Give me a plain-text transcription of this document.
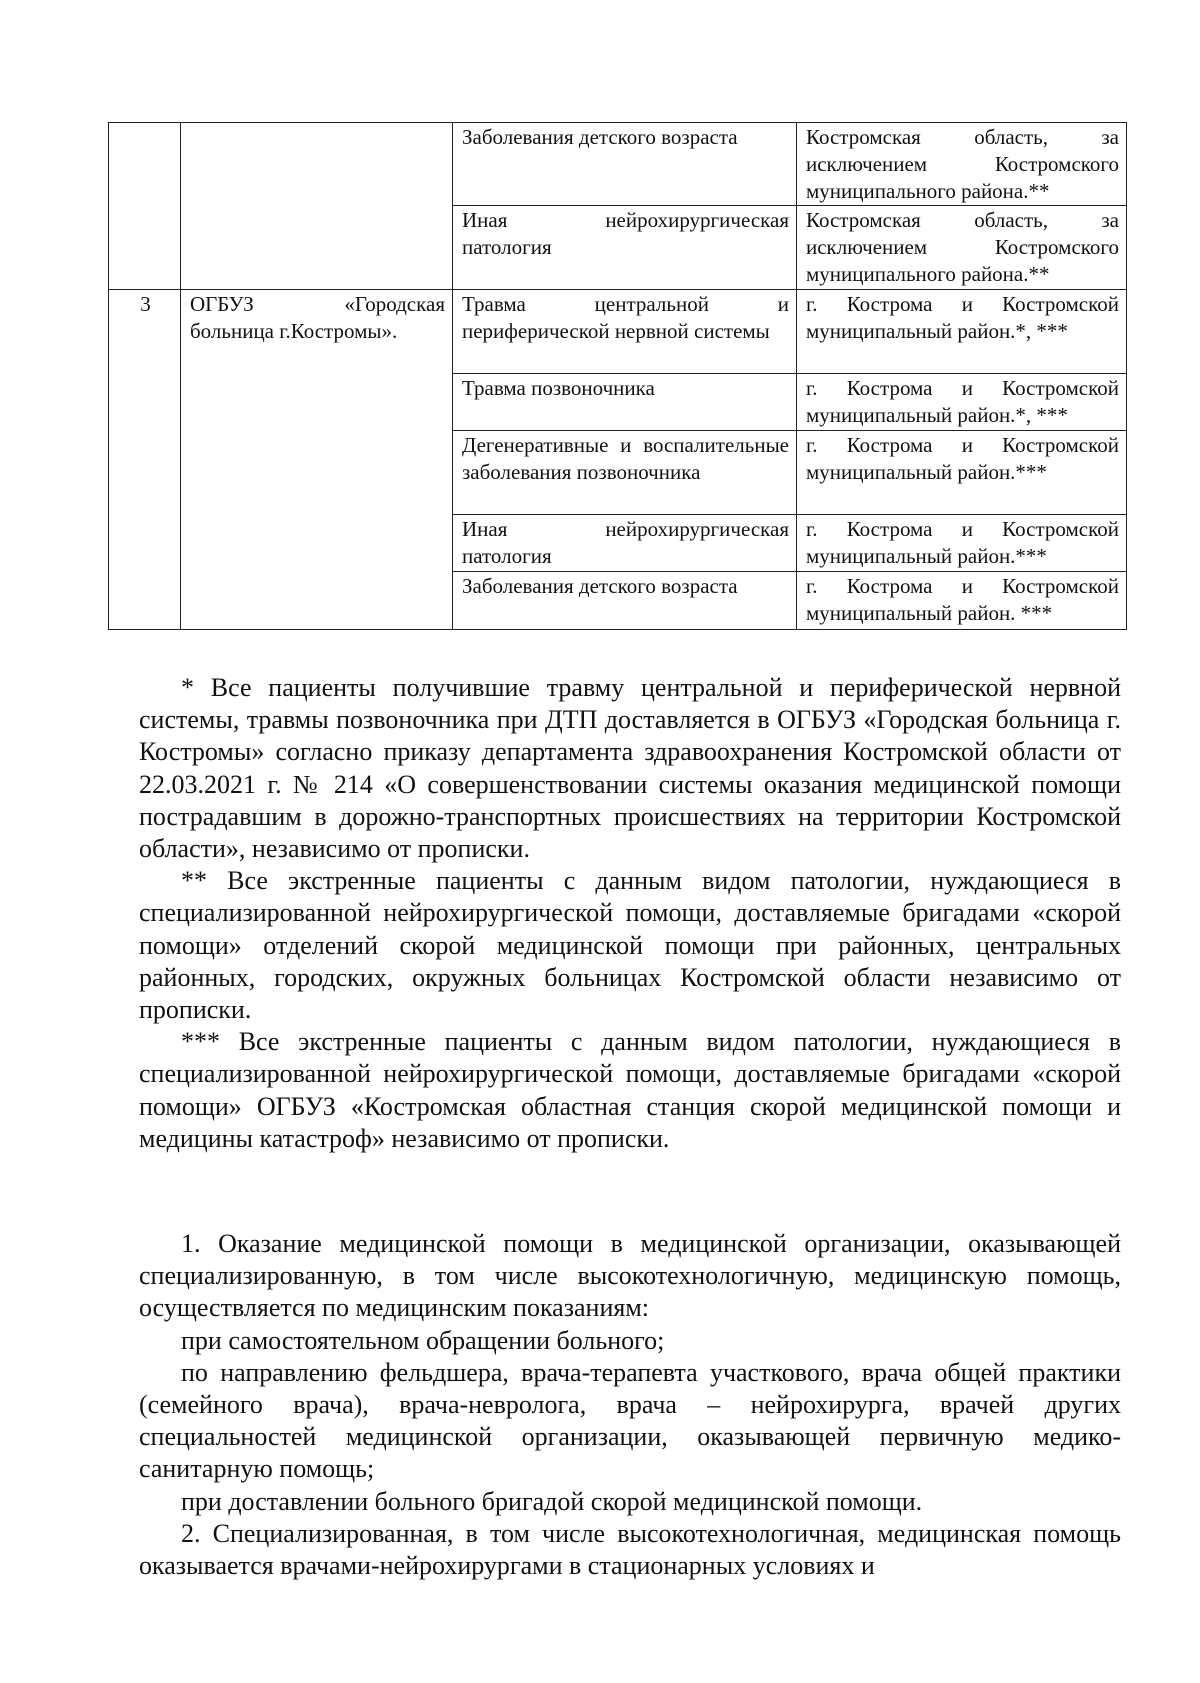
		Заболевания детского возраста	Костромская область, за исключением Костромского муниципального района.**
		Иная нейрохирургическая патология	Костромская область, за исключением Костромского муниципального района.**
3	ОГБУЗ «Городская больница г.Костромы».	Травма центральной и периферической нервной системы	г. Кострома и Костромской муниципальный район.*, ***
		Травма позвоночника	г. Кострома и Костромской муниципальный район.*, ***
		Дегенеративные и воспалительные заболевания позвоночника	г. Кострома и Костромской муниципальный район.***
		Иная нейрохирургическая патология	г. Кострома и Костромской муниципальный район.***
		Заболевания детского возраста	г. Кострома и Костромской муниципальный район. ***

* Все пациенты получившие травму центральной и периферической нервной системы, травмы позвоночника при ДТП доставляется в ОГБУЗ «Городская больница г. Костромы» согласно приказу департамента здравоохранения Костромской области от 22.03.2021 г. № 214 «О совершенствовании системы оказания медицинской помощи пострадавшим в дорожно-транспортных происшествиях на территории Костромской области», независимо от прописки.

** Все экстренные пациенты с данным видом патологии, нуждающиеся в специализированной нейрохирургической помощи, доставляемые бригадами «скорой помощи» отделений скорой медицинской помощи при районных, центральных районных, городских, окружных больницах Костромской области независимо от прописки.

*** Все экстренные пациенты с данным видом патологии, нуждающиеся в специализированной нейрохирургической помощи, доставляемые бригадами «скорой помощи» ОГБУЗ «Костромская областная станция скорой медицинской помощи и медицины катастроф» независимо от прописки.

1. Оказание медицинской помощи в медицинской организации, оказывающей специализированную, в том числе высокотехнологичную, медицинскую помощь, осуществляется по медицинским показаниям:

при самостоятельном обращении больного;

по направлению фельдшера, врача-терапевта участкового, врача общей практики (семейного врача), врача-невролога, врача – нейрохирурга, врачей других специальностей медицинской организации, оказывающей первичную медико-санитарную помощь;

при доставлении больного бригадой скорой медицинской помощи.

2. Специализированная, в том числе высокотехнологичная, медицинская помощь оказывается врачами-нейрохирургами в стационарных условиях и
